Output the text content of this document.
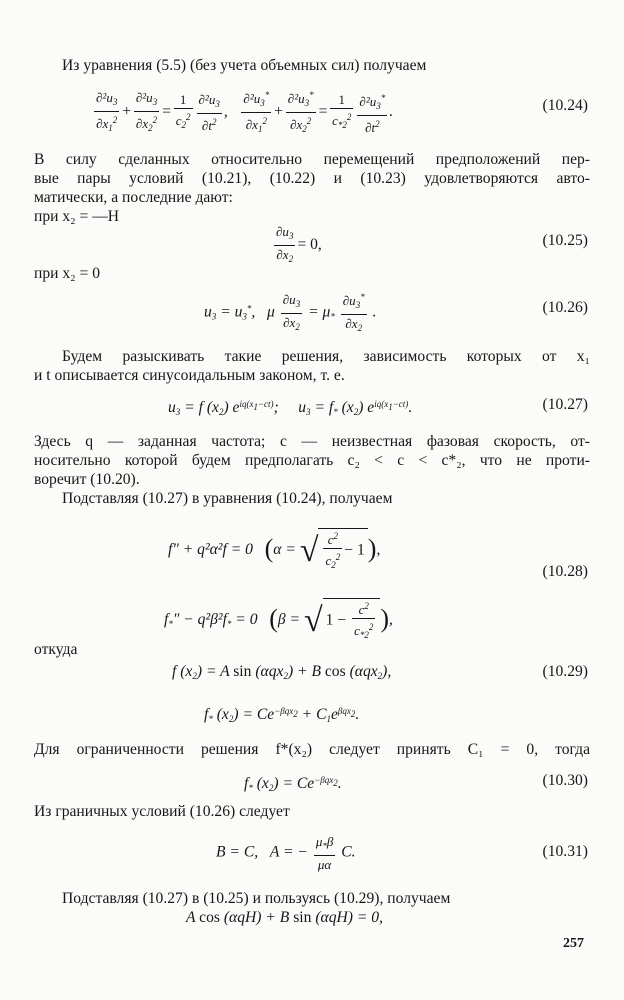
Из уравнения (5.5) (без учета объемных сил) получаем
$\frac{\partial^2u_3}{\partial x_1^2} + \frac{\partial^2u_3}{\partial x_2^2} = \frac{1}{c_2^2} \frac{\partial^2u_3}{\partial t^2}$ , $\frac{\partial^2u_3^*}{\partial x_1^2} + \frac{\partial^2u_3^*}{\partial x_2^2} = \frac{1}{c_{*2}^2} \frac{\partial^2u_3^*}{\partial t^2}$ .	(10.24)
В силу сделанных относительно перемещений предположений пер-
вые пары условий (10.21), (10.22) и (10.23) удовлетворяются авто-
матически, а последние дают:
при x₂ = —H
$\frac{\partial u_3}{\partial x_2} = 0$,	(10.25)
при x₂ = 0
$u_3 = u_3^*$,   μ $\frac{\partial u_3}{\partial x_2} = \mu_* \frac{\partial u_3^*}{\partial x_2}$ .	(10.26)
Будем разыскивать такие решения, зависимость которых от x₁
и t описывается синусоидальным законом, т. е.
$u_3 = f$ $(x_2)$ $e^{iq(x_1-ct)}$;     $u_3 = f_*$ $(x_2)$ $e^{iq(x_1-ct)}$.	(10.27)
Здесь q — заданная частота; c — неизвестная фазовая скорость, от-
носительно которой будем предполагать c₂ < c < c*₂, что не проти-
воречит (10.20).
Подставляя (10.27) в уравнения (10.24), получаем
f″ + q²α²f = 0   (α = √ $\frac{c^2}{c_2^2} - 1$ ),
(10.28)
$f_*'' - q^2\beta^2f_* = 0$   (β = √ $1 - \frac{c^2}{c_{*2}^2}$ ),
откуда
f $(x_2) = A$ sin (αqx$_2$) + B cos (αqx$_2$),	(10.29)
$f_*$ $(x_2) = Ce^{-\beta qx_2} + C_1e^{\beta qx_2}$.
Для ограниченности решения f*(x₂) следует принять C₁ = 0, тогда
$f_*$ $(x_2) = Ce^{-\beta qx_2}$.	(10.30)
Из граничных условий (10.26) следует
B = C,   A = − $\frac{\mu_*\beta}{\mu\alpha} C$.	(10.31)
Подставляя (10.27) в (10.25) и пользуясь (10.29), получаем
A cos (αqH) + B sin (αqH) = 0,
257
